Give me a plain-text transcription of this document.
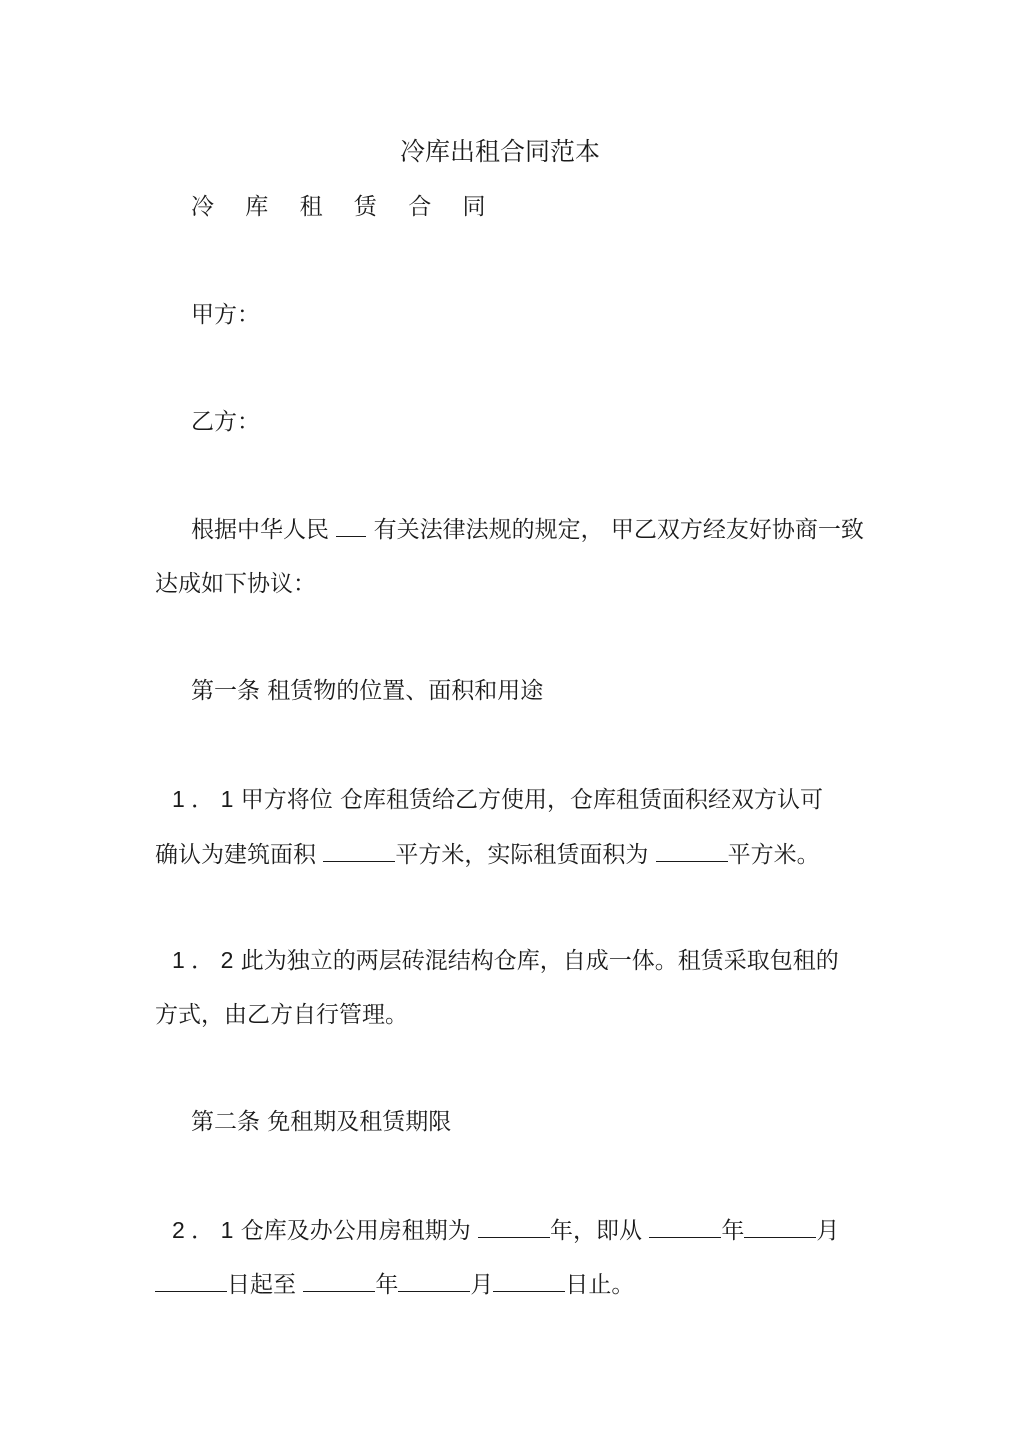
冷库出租合同范本
冷 库 租 赁 合 同
甲方：
乙方：
根据中华人民 有关法律法规的规定， 甲乙双方经友好协商一致
达成如下协议：
第一条 租赁物的位置、面积和用途
1 ． 1 甲方将位 仓库租赁给乙方使用，仓库租赁面积经双方认可
确认为建筑面积	平方米，实际租赁面积为	平方米。
1 ． 2 此为独立的两层砖混结构仓库，自成一体。租赁采取包租的
方式，由乙方自行管理。
第二条 免租期及租赁期限
2 ． 1 仓库及办公用房租期为	年，即从	年	月
日起至	年	月	日止。
